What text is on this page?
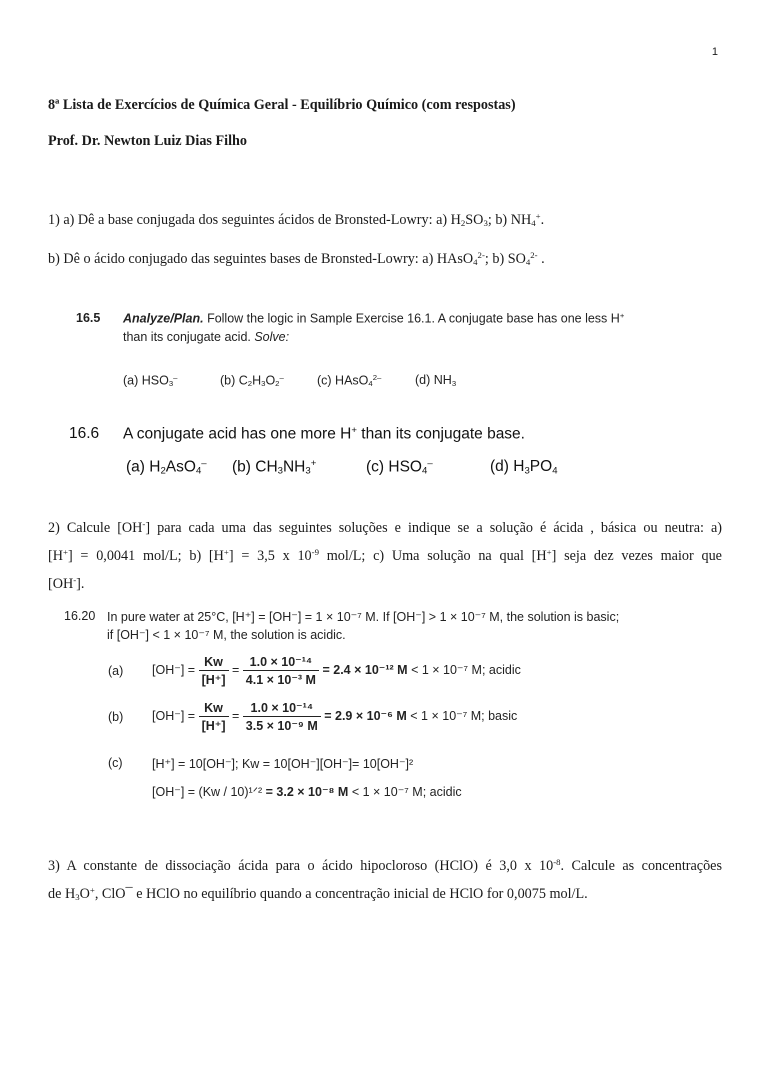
1
8ª Lista de Exercícios de Química Geral - Equilíbrio Químico (com respostas)
Prof. Dr. Newton Luiz Dias Filho
1) a) Dê a base conjugada dos seguintes ácidos de Bronsted-Lowry: a) $H_2SO_3$; b) $NH_4^+$.
b) Dê o ácido conjugado das seguintes bases de Bronsted-Lowry: a) HAsO$_4^{2-}$; b) $SO_4^{2-}$ .
16.5 Analyze/Plan. Follow the logic in Sample Exercise 16.1. A conjugate base has one less H+
than its conjugate acid. Solve:
(a) $HSO_3^-$	(b) $C_2H_3O_2^-$	(c) HAsO$_4^{2-}$	(d) $NH_3$
16.6 A conjugate acid has one more H+ than its conjugate base.
(a) $H_2AsO_4^-$ (b) $CH_3NH_3^+$	(c) $HSO_4^-$	(d) $H_3PO_4$
2) Calcule [OH-] para cada uma das seguintes soluções e indique se a solução é ácida , básica ou neutra: a)
[H+] = 0,0041 mol/L; b) [H+] = 3,5 x $10^{-9}$ mol/L; c) Uma solução na qual [H+] seja dez vezes maior que
[OH-].
16.20 In pure water at 25°C, [H⁺] = [OH⁻] = 1 × 10⁻⁷ M. If [OH⁻] > 1 × 10⁻⁷ M, the solution is basic;
if [OH⁻] < 1 × 10⁻⁷ M, the solution is acidic.
(a) $[OH^-] = \frac{Kw}{[H^+]} = \frac{\text{1.0 × 10⁻¹⁴}}{\text{4.1 × 10⁻³ M}} = 2.4 \times 10^{-12}$ M < 1 × 10⁻⁷ M; acidic
(b) $[OH^-] = \frac{Kw}{[H^+]} = \frac{\text{1.0 × 10⁻¹⁴}}{\text{3.5 × 10⁻⁹ M}} = 2.9 \times 10^{-6}$ M < 1 × 10⁻⁷ M; basic
(c) [H⁺] = 10[OH⁻]; Kw = 10[OH⁻][OH⁻]= 10[OH⁻]²
[OH⁻] = (Kw / 10)¹ᐟ² = 3.2 × 10⁻⁸ M < 1 × 10⁻⁷ M; acidic
3) A constante de dissociação ácida para o ácido hipocloroso (HClO) é 3,0 x $10^{-8}$. Calcule as concentrações
de $H_3O^+$, ClO¯ e HClO no equilíbrio quando a concentração inicial de HClO for 0,0075 mol/L.
